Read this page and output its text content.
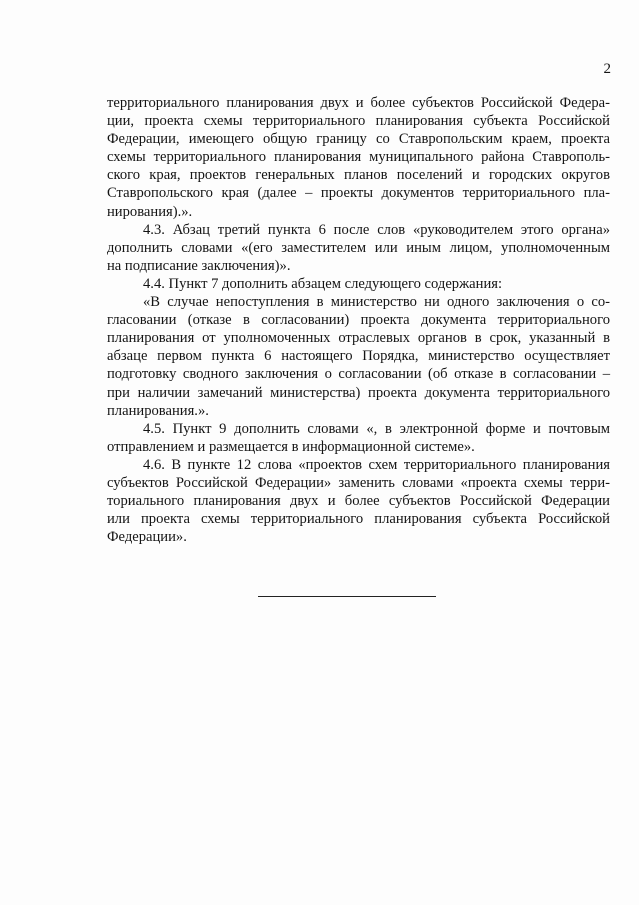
2

территориального планирования двух и более субъектов Российской Федера-
ции, проекта схемы территориального планирования субъекта Российской
Федерации, имеющего общую границу со Ставропольским краем, проекта
схемы территориального планирования муниципального района Ставрополь-
ского края, проектов генеральных планов поселений и городских округов
Ставропольского края (далее – проекты документов территориального пла-
нирования).».

4.3. Абзац третий пункта 6 после слов «руководителем этого органа»
дополнить словами «(его заместителем или иным лицом, уполномоченным
на подписание заключения)».

4.4. Пункт 7 дополнить абзацем следующего содержания:

«В случае непоступления в министерство ни одного заключения о со-
гласовании (отказе в согласовании) проекта документа территориального
планирования от уполномоченных отраслевых органов в срок, указанный в
абзаце первом пункта 6 настоящего Порядка, министерство осуществляет
подготовку сводного заключения о согласовании (об отказе в согласовании –
при наличии замечаний министерства) проекта документа территориального
планирования.».

4.5. Пункт 9 дополнить словами «, в электронной форме и почтовым
отправлением и размещается в информационной системе».

4.6. В пункте 12 слова «проектов схем территориального планирования
субъектов Российской Федерации» заменить словами «проекта схемы терри-
ториального планирования двух и более субъектов Российской Федерации
или проекта схемы территориального планирования субъекта Российской
Федерации».
